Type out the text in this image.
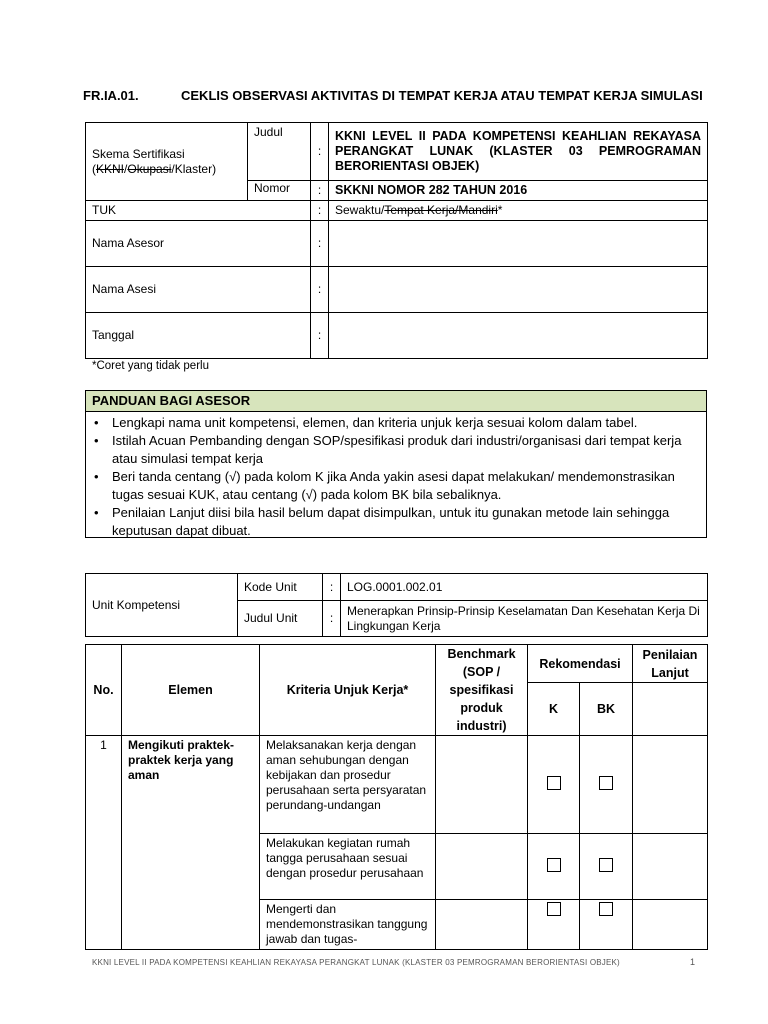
FR.IA.01.	CEKLIS OBSERVASI AKTIVITAS DI TEMPAT KERJA ATAU TEMPAT KERJA SIMULASI
Skema Sertifikasi
(KKNI/Okupasi/Klaster)	Judul	:	KKNI LEVEL II PADA KOMPETENSI KEAHLIAN REKAYASA PERANGKAT LUNAK (KLASTER 03 PEMROGRAMAN BERORIENTASI OBJEK)
	Nomor	:	SKKNI NOMOR 282 TAHUN 2016
TUK		:	Sewaktu/Tempat Kerja/Mandiri*
Nama Asesor		:	
Nama Asesi		:	
Tanggal		:	
*Coret yang tidak perlu
PANDUAN BAGI ASESOR
• Lengkapi nama unit kompetensi, elemen, dan kriteria unjuk kerja sesuai kolom dalam tabel.
• Istilah Acuan Pembanding dengan SOP/spesifikasi produk dari industri/organisasi dari tempat kerja atau simulasi tempat kerja
• Beri tanda centang (√) pada kolom K jika Anda yakin asesi dapat melakukan/ mendemonstrasikan tugas sesuai KUK, atau centang (√) pada kolom BK bila sebaliknya.
• Penilaian Lanjut diisi bila hasil belum dapat disimpulkan, untuk itu gunakan metode lain sehingga keputusan dapat dibuat.
Unit Kompetensi	Kode Unit	:	LOG.0001.002.01
	Judul Unit	:	Menerapkan Prinsip-Prinsip Keselamatan Dan Kesehatan Kerja Di Lingkungan Kerja
No.	Elemen	Kriteria Unjuk Kerja*	Benchmark (SOP / spesifikasi produk industri)	Rekomendasi		Penilaian Lanjut
				K	BK	
1	Mengikuti praktek-praktek kerja yang aman	Melaksanakan kerja dengan aman sehubungan dengan kebijakan dan prosedur perusahaan serta persyaratan perundang-undangan				
		Melakukan kegiatan rumah tangga perusahaan sesuai dengan prosedur perusahaan				
		Mengerti dan mendemonstrasikan tanggung jawab dan tugas-				
KKNI LEVEL II PADA KOMPETENSI KEAHLIAN REKAYASA PERANGKAT LUNAK (KLASTER 03 PEMROGRAMAN BERORIENTASI OBJEK)	1
